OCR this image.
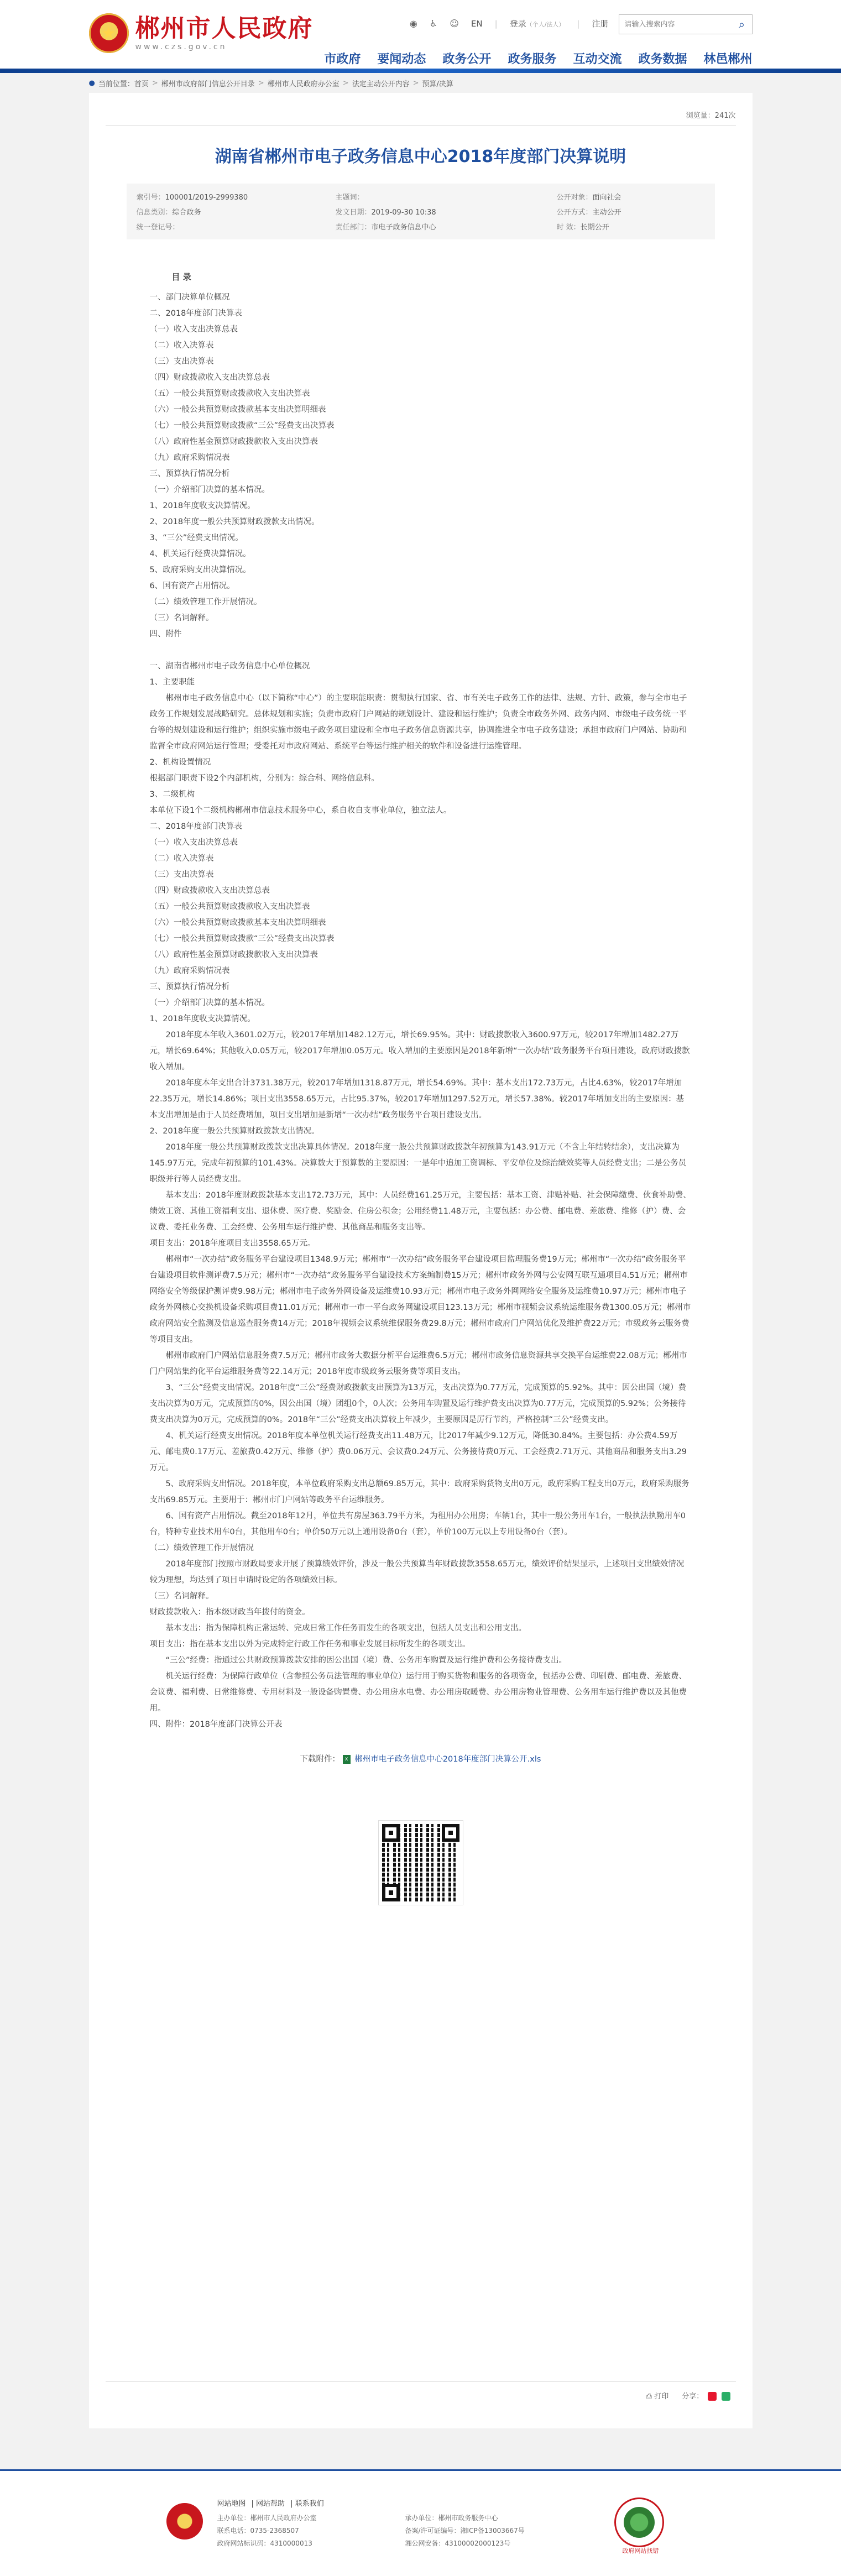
★ 郴州市人民政府
www.czs.gov.cn
◉ ♿ ☺ EN | 登录（个人/法人） | 注册
请输入搜索内容	⌕
市政府 要闻动态 政务公开 政务服务 互动交流 政务数据 林邑郴州
● 当前位置： 首页 > 郴州市政府部门信息公开目录 > 郴州市人民政府办公室 > 法定主动公开内容 > 预算/决算
浏览量：241次
湖南省郴州市电子政务信息中心2018年度部门决算说明
索引号：100001/2019-2999380	主题词：	公开对象：面向社会
信息类别：综合政务	发文日期：2019-09-30 10:38	公开方式：主动公开
统一登记号：	责任部门：市电子政务信息中心	时 效：长期公开

目 录

一、部门决算单位概况

二、2018年度部门决算表

（一）收入支出决算总表

（二）收入决算表

（三）支出决算表

（四）财政拨款收入支出决算总表

（五）一般公共预算财政拨款收入支出决算表

（六）一般公共预算财政拨款基本支出决算明细表

（七）一般公共预算财政拨款“三公”经费支出决算表

（八）政府性基金预算财政拨款收入支出决算表

（九）政府采购情况表

三、预算执行情况分析

（一）介绍部门决算的基本情况。

1、2018年度收支决算情况。

2、2018年度一般公共预算财政拨款支出情况。

3、“三公”经费支出情况。

4、机关运行经费决算情况。

5、政府采购支出决算情况。

6、国有资产占用情况。

（二）绩效管理工作开展情况。

（三）名词解释。

四、附件

一、湖南省郴州市电子政务信息中心单位概况

1、主要职能

郴州市电子政务信息中心（以下简称“中心”）的主要职能职责：贯彻执行国家、省、市有关电子政务工作的法律、法规、方针、政策，参与全市电子政务工作规划发展战略研究。总体规划和实施；负责市政府门户网站的规划设计、建设和运行维护；负责全市政务外网、政务内网、市级电子政务统一平台等的规划建设和运行维护；组织实施市级电子政务项目建设和全市电子政务信息资源共享，协调推进全市电子政务建设；承担市政府门户网站、协助和监督全市政府网站运行管理；受委托对市政府网站、系统平台等运行维护相关的软件和设备进行运维管理。

2、机构设置情况

根据部门职责下设2个内部机构，分别为：综合科、网络信息科。

3、二级机构

本单位下设1个二级机构郴州市信息技术服务中心，系自收自支事业单位，独立法人。

二、2018年度部门决算表

（一）收入支出决算总表

（二）收入决算表

（三）支出决算表

（四）财政拨款收入支出决算总表

（五）一般公共预算财政拨款收入支出决算表

（六）一般公共预算财政拨款基本支出决算明细表

（七）一般公共预算财政拨款“三公”经费支出决算表

（八）政府性基金预算财政拨款收入支出决算表

（九）政府采购情况表

三、预算执行情况分析

（一）介绍部门决算的基本情况。

1、2018年度收支决算情况。

2018年度本年收入3601.02万元，较2017年增加1482.12万元，增长69.95%。其中：财政拨款收入3600.97万元，较2017年增加1482.27万元，增长69.64%；其他收入0.05万元，较2017年增加0.05万元。收入增加的主要原因是2018年新增“一次办结”政务服务平台项目建设，政府财政拨款收入增加。

2018年度本年支出合计3731.38万元，较2017年增加1318.87万元，增长54.69%。其中：基本支出172.73万元，占比4.63%，较2017年增加22.35万元，增长14.86%；项目支出3558.65万元，占比95.37%，较2017年增加1297.52万元，增长57.38%。较2017年增加支出的主要原因：基本支出增加是由于人员经费增加，项目支出增加是新增“一次办结”政务服务平台项目建设支出。

2、2018年度一般公共预算财政拨款支出情况。

2018年度一般公共预算财政拨款支出决算具体情况。2018年度一般公共预算财政拨款年初预算为143.91万元（不含上年结转结余），支出决算为145.97万元，完成年初预算的101.43%。决算数大于预算数的主要原因：一是年中追加工资调标、平安单位及综治绩效奖等人员经费支出；二是公务员职级并行等人员经费支出。

基本支出：2018年度财政拨款基本支出172.73万元，其中：人员经费161.25万元，主要包括：基本工资、津贴补贴、社会保障缴费、伙食补助费、绩效工资、其他工资福利支出、退休费、医疗费、奖励金、住房公积金；公用经费11.48万元，主要包括：办公费、邮电费、差旅费、维修（护）费、会议费、委托业务费、工会经费、公务用车运行维护费、其他商品和服务支出等。

项目支出：2018年度项目支出3558.65万元。

郴州市“一次办结”政务服务平台建设项目1348.9万元；郴州市“一次办结”政务服务平台建设项目监理服务费19万元；郴州市“一次办结”政务服务平台建设项目软件测评费7.5万元；郴州市“一次办结”政务服务平台建设技术方案编制费15万元；郴州市政务外网与公安网互联互通项目4.51万元；郴州市网络安全等级保护测评费9.98万元；郴州市电子政务外网设备及运维费10.93万元；郴州市电子政务外网网络安全服务及运维费10.97万元；郴州市电子政务外网核心交换机设备采购项目费11.01万元；郴州市一市一平台政务网建设项目123.13万元；郴州市视频会议系统运维服务费1300.05万元；郴州市政府网站安全监测及信息巡查服务费14万元；2018年视频会议系统维保服务费29.8万元；郴州市政府门户网站优化及维护费22万元；市级政务云服务费等项目支出。

郴州市政府门户网站信息服务费7.5万元；郴州市政务大数据分析平台运维费6.5万元；郴州市政务信息资源共享交换平台运维费22.08万元；郴州市门户网站集约化平台运维服务费等22.14万元；2018年度市级政务云服务费等项目支出。

3、“三公”经费支出情况。2018年度“三公”经费财政拨款支出预算为13万元，支出决算为0.77万元，完成预算的5.92%。其中：因公出国（境）费支出决算为0万元，完成预算的0%，因公出国（境）团组0个，0人次；公务用车购置及运行维护费支出决算为0.77万元，完成预算的5.92%；公务接待费支出决算为0万元，完成预算的0%。2018年“三公”经费支出决算较上年减少，主要原因是厉行节约，严格控制“三公”经费支出。

4、机关运行经费支出情况。2018年度本单位机关运行经费支出11.48万元，比2017年减少9.12万元，降低30.84%。主要包括：办公费4.59万元、邮电费0.17万元、差旅费0.42万元、维修（护）费0.06万元、会议费0.24万元、公务接待费0万元、工会经费2.71万元、其他商品和服务支出3.29万元。

5、政府采购支出情况。2018年度，本单位政府采购支出总额69.85万元，其中：政府采购货物支出0万元，政府采购工程支出0万元，政府采购服务支出69.85万元。主要用于：郴州市门户网站等政务平台运维服务。

6、国有资产占用情况。截至2018年12月，单位共有房屋363.79平方米，为租用办公用房；车辆1台，其中一般公务用车1台，一般执法执勤用车0台，特种专业技术用车0台，其他用车0台；单价50万元以上通用设备0台（套），单价100万元以上专用设备0台（套）。

（二）绩效管理工作开展情况

2018年度部门按照市财政局要求开展了预算绩效评价，涉及一般公共预算当年财政拨款3558.65万元，绩效评价结果显示，上述项目支出绩效情况较为理想，均达到了项目申请时设定的各项绩效目标。

（三）名词解释。

财政拨款收入：指本级财政当年拨付的资金。

基本支出：指为保障机构正常运转、完成日常工作任务而发生的各项支出，包括人员支出和公用支出。

项目支出：指在基本支出以外为完成特定行政工作任务和事业发展目标所发生的各项支出。

“三公”经费：指通过公共财政预算拨款安排的因公出国（境）费、公务用车购置及运行维护费和公务接待费支出。

机关运行经费：为保障行政单位（含参照公务员法管理的事业单位）运行用于购买货物和服务的各项资金，包括办公费、印刷费、邮电费、差旅费、会议费、福利费、日常维修费、专用材料及一般设备购置费、办公用房水电费、办公用房取暖费、办公用房物业管理费、公务用车运行维护费以及其他费用。

四、附件：2018年度部门决算公开表

下载附件： x 郴州市电子政务信息中心2018年度部门决算公开.xls
⎙ 打印 分享：
网站地图 | 网站帮助 | 联系我们
主办单位：郴州市人民政府办公室	承办单位：郴州市政务服务中心
联系电话：0735-2368507	备案/许可证编号：湘ICP备13003667号
政府网站标识码：4310000013	湘公网安备：43100002000123号
政府网站找错
